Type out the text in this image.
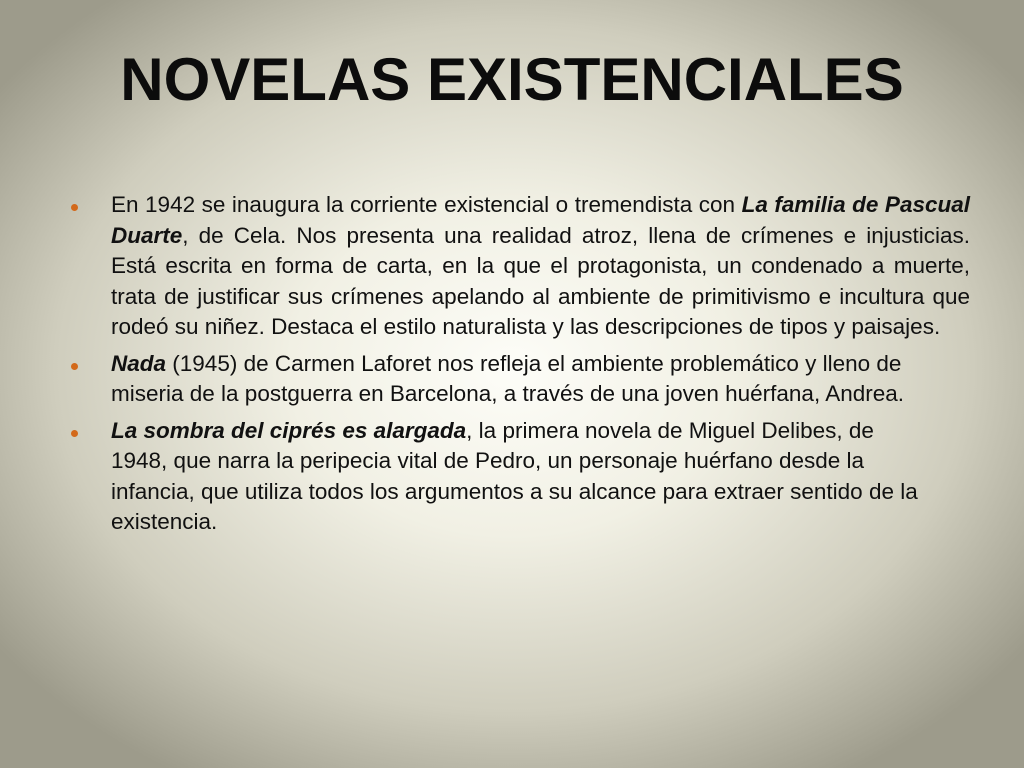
NOVELAS EXISTENCIALES
En 1942 se inaugura la corriente existencial o tremendista con La familia de Pascual Duarte, de Cela. Nos presenta una realidad atroz, llena de crímenes e injusticias. Está escrita en forma de carta, en la que el protagonista, un condenado a muerte, trata de justificar sus crímenes apelando al ambiente de primitivismo e incultura que rodeó su niñez. Destaca el estilo naturalista y las descripciones de tipos y paisajes.
Nada (1945) de Carmen Laforet nos refleja el ambiente problemático y lleno de miseria de la postguerra en Barcelona, a través de una joven huérfana, Andrea.
La sombra del ciprés es alargada, la primera novela de Miguel Delibes, de 1948, que narra la peripecia vital de Pedro, un personaje huérfano desde la infancia, que utiliza todos los argumentos a su alcance para extraer sentido de la existencia.
